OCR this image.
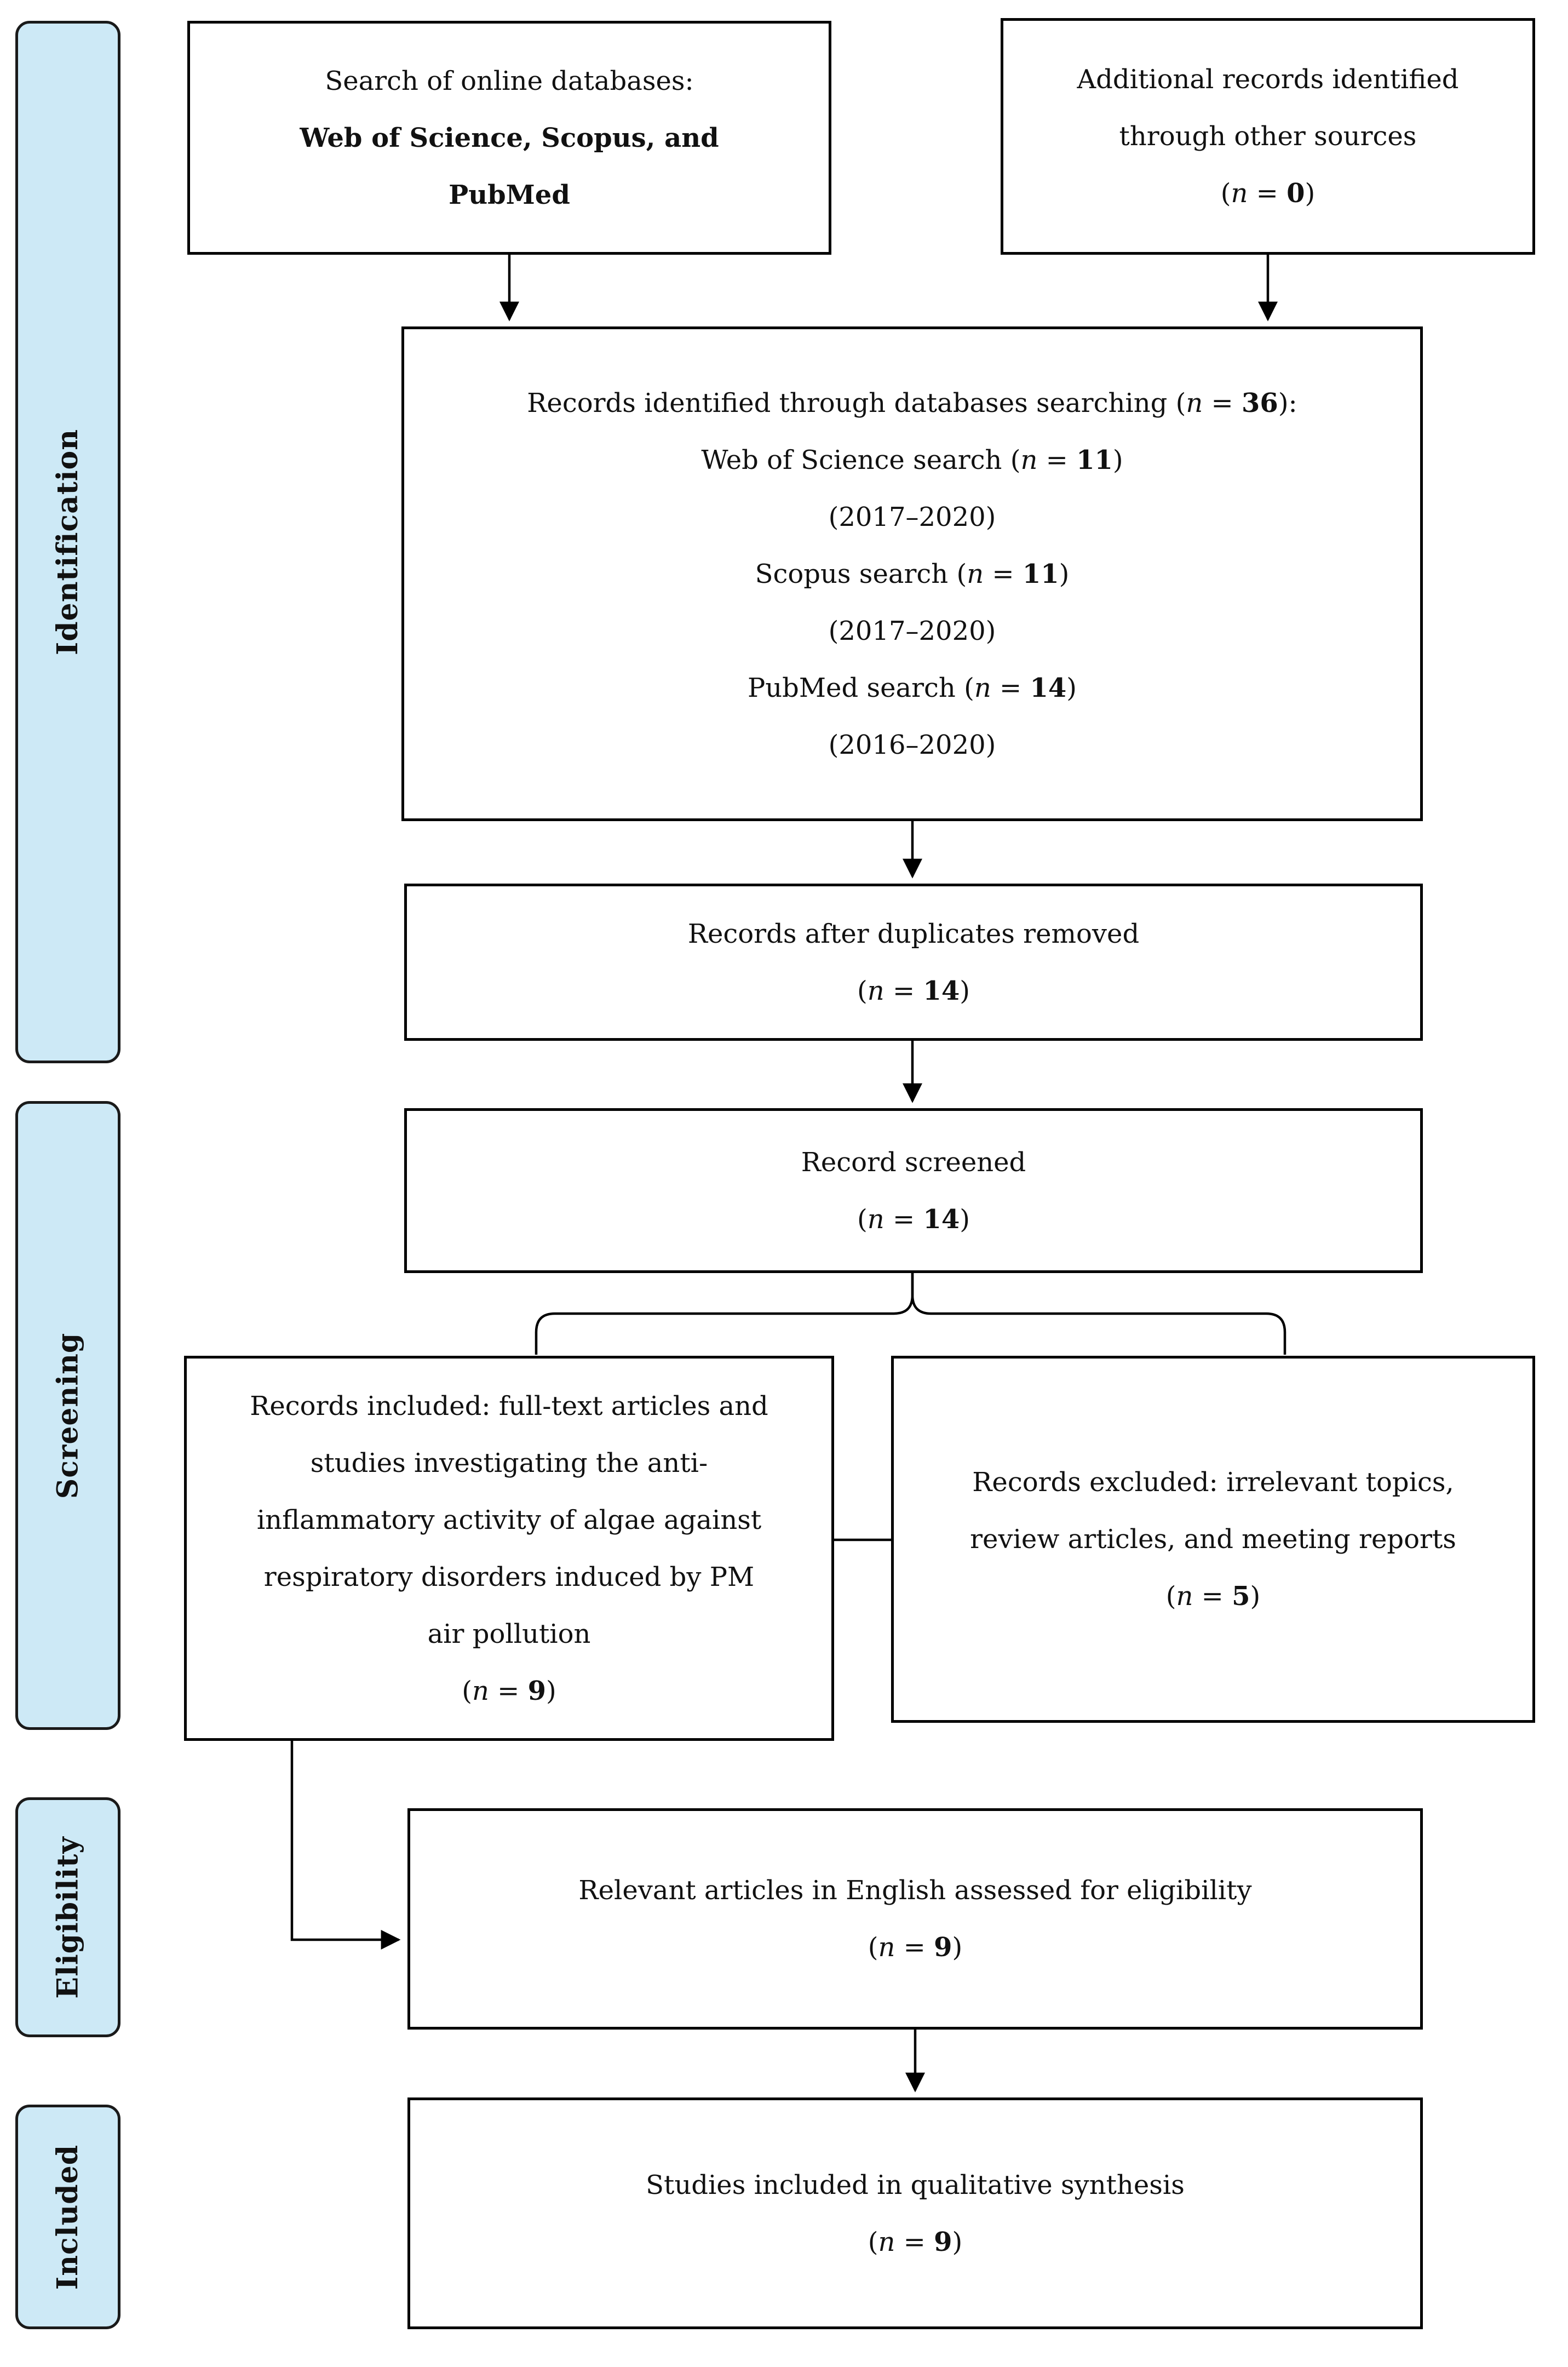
Identification
Screening
Eligibility
Included
Search of online databases:
Web of Science, Scopus, and
PubMed
Additional records identified
through other sources
(n = 0)
Records identified through databases searching (n = 36):
Web of Science search (n = 11)
(2017–2020)
Scopus search (n = 11)
(2017–2020)
PubMed search (n = 14)
(2016–2020)
Records after duplicates removed
(n = 14)
Record screened
(n = 14)
Records included: full-text articles and
studies investigating the anti-
inflammatory activity of algae against
respiratory disorders induced by PM
air pollution
(n = 9)
Records excluded: irrelevant topics,
review articles, and meeting reports
(n = 5)
Relevant articles in English assessed for eligibility
(n = 9)
Studies included in qualitative synthesis
(n = 9)
